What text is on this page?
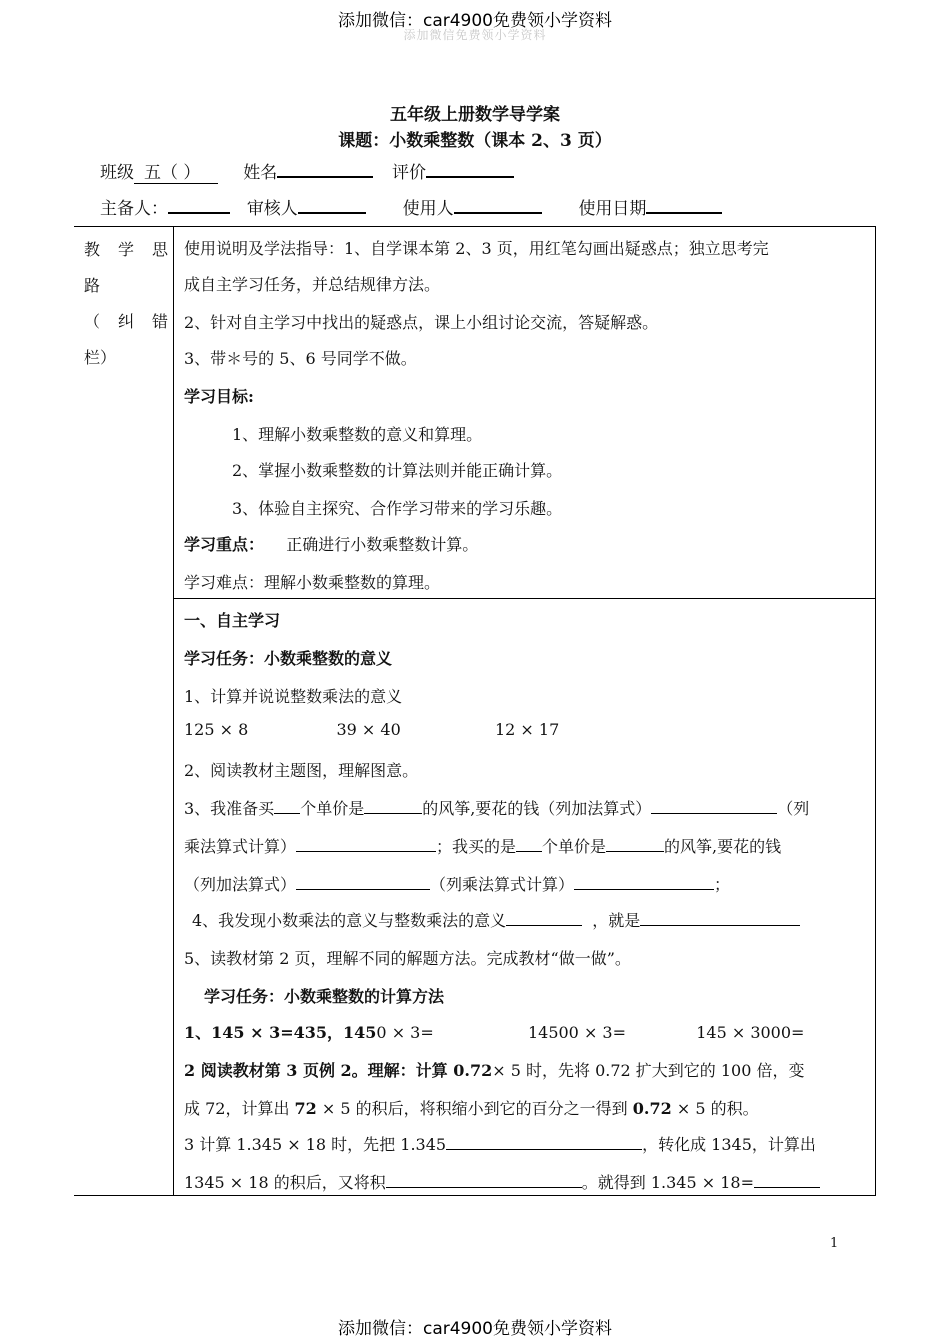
添加微信：car4900免费领小学资料
添加微信免费领小学资料
五年级上册数学导学案
课题：小数乘整数（课本 2、3 页）
班级 五（ ）	姓名	评价
主备人：	审核人	使用人	使用日期
教学思
路
（纠错
栏）
使用说明及学法指导：1、自学课本第 2、3 页，用红笔勾画出疑惑点；独立思考完
成自主学习任务，并总结规律方法。
2、针对自主学习中找出的疑惑点，课上小组讨论交流，答疑解惑。
3、带＊号的 5、6 号同学不做。
学习目标:
1、理解小数乘整数的意义和算理。
2、掌握小数乘整数的计算法则并能正确计算。
3、体验自主探究、合作学习带来的学习乐趣。
学习重点： 正确进行小数乘整数计算。
学习难点：理解小数乘整数的算理。
一、自主学习
学习任务：小数乘整数的意义
1、计算并说说整数乘法的意义
125 × 8	39 × 40	12 × 17
2、阅读教材主题图，理解图意。
3、我准备买 个单价是	的风筝,要花的钱（列加法算式）	（列
乘法算式计算）	；我买的是 个单价是	的风筝,要花的钱
（列加法算式）	（列乘法算式计算）	；
4、我发现小数乘法的意义与整数乘法的意义	，就是
5、读教材第 2 页，理解不同的解题方法。完成教材“做一做”。
学习任务：小数乘整数的计算方法
1、145 × 3=435，1450 × 3=	14500 × 3=	145 × 3000=
2 阅读教材第 3 页例 2。理解：计算 0.72× 5 时，先将 0.72 扩大到它的 100 倍，变
成 72，计算出 72 × 5 的积后，将积缩小到它的百分之一得到 0.72 × 5 的积。
3 计算 1.345 × 18 时，先把 1.345	，转化成 1345，计算出
1345 × 18 的积后，又将积	。就得到 1.345 × 18=
1
添加微信：car4900免费领小学资料
